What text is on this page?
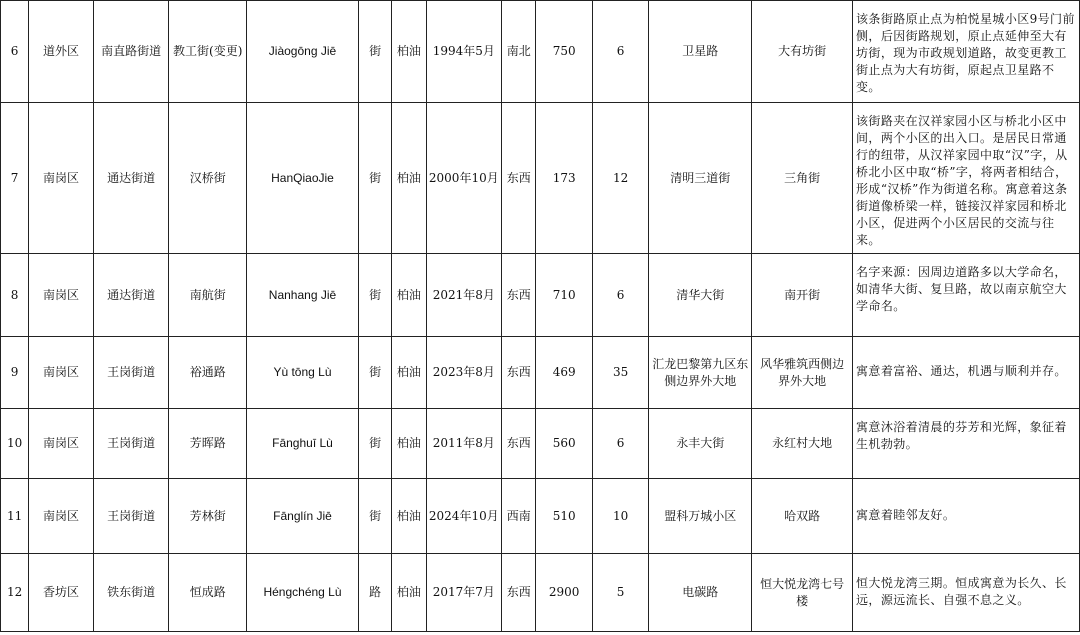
6	道外区	南直路街道	教工街(变更)	Jiàogōng Jiē	街	柏油	1994年5月	南北	750	6	卫星路	大有坊街	该条街路原止点为柏悦星城小区9号门前侧，后因街路规划，原止点延伸至大有坊街，现为市政规划道路，故变更教工街止点为大有坊街，原起点卫星路不变。
7	南岗区	通达街道	汉桥街	HanQiaoJie	街	柏油	2000年10月	东西	173	12	清明三道街	三角街	该街路夹在汉祥家园小区与桥北小区中间，两个小区的出入口。是居民日常通行的纽带，从汉祥家园中取“汉”字，从桥北小区中取“桥”字，将两者相结合，形成“汉桥”作为街道名称。寓意着这条街道像桥梁一样，链接汉祥家园和桥北小区，促进两个小区居民的交流与往来。
8	南岗区	通达街道	南航街	Nanhang Jiē	街	柏油	2021年8月	东西	710	6	清华大街	南开街	名字来源：因周边道路多以大学命名，如清华大街、复旦路，故以南京航空大学命名。
9	南岗区	王岗街道	裕通路	Yù tōng Lù	街	柏油	2023年8月	东西	469	35	汇龙巴黎第九区东侧边界外大地	风华雅筑西侧边界外大地	寓意着富裕、通达，机遇与顺利并存。
10	南岗区	王岗街道	芳晖路	Fānghuī Lù	街	柏油	2011年8月	东西	560	6	永丰大街	永红村大地	寓意沐浴着清晨的芬芳和光辉，象征着生机勃勃。
11	南岗区	王岗街道	芳林街	Fānglín Jiē	街	柏油	2024年10月	西南	510	10	盟科万城小区	哈双路	寓意着睦邻友好。
12	香坊区	铁东街道	恒成路	Héngchéng Lù	路	柏油	2017年7月	东西	2900	5	电碳路	恒大悦龙湾七号楼	恒大悦龙湾三期。恒成寓意为长久、长远，源远流长、自强不息之义。
